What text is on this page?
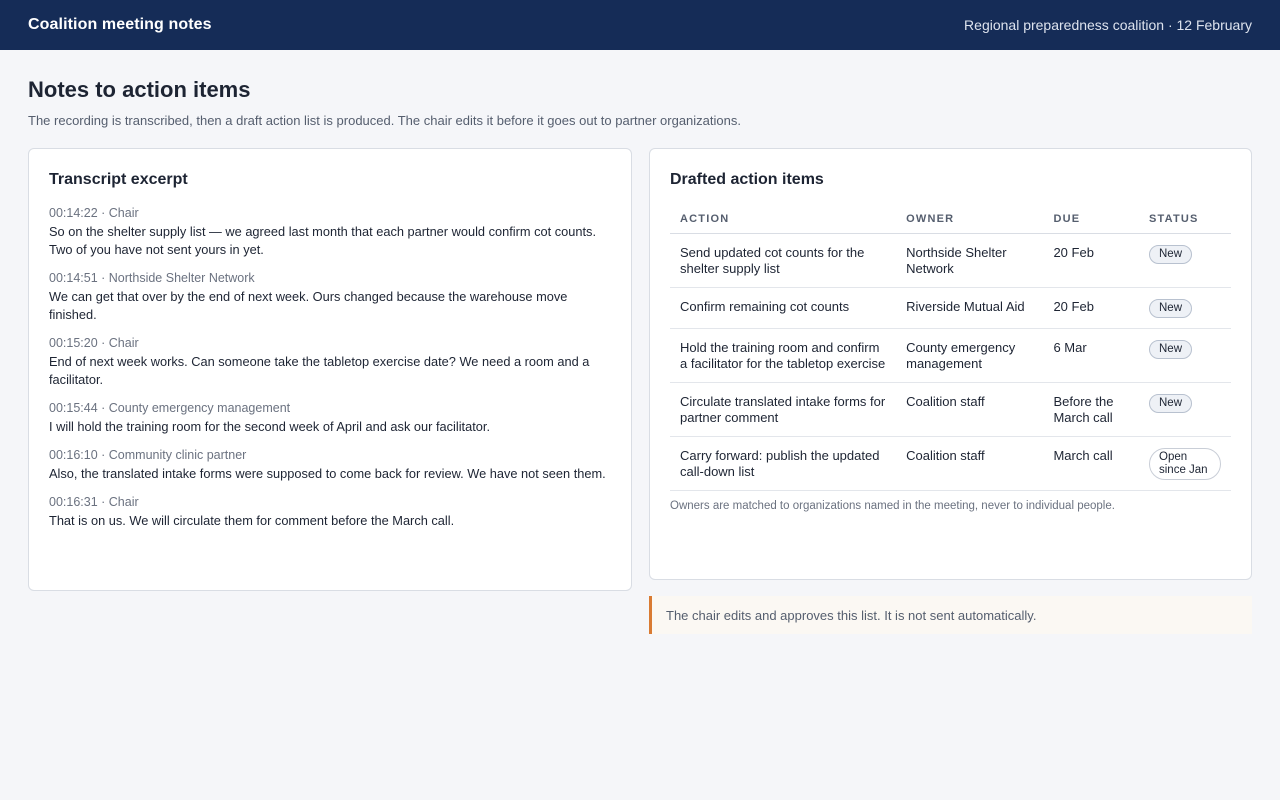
Coalition meeting notes	Regional preparedness coalition · 12 February
Notes to action items

The recording is transcribed, then a draft action list is produced. The chair edits it before it goes out to partner organizations.

Transcript excerpt
00:14:22 · Chair
So on the shelter supply list — we agreed last month that each partner would confirm cot counts. Two of you have not sent yours in yet.
00:14:51 · Northside Shelter Network
We can get that over by the end of next week. Ours changed because the warehouse move finished.
00:15:20 · Chair
End of next week works. Can someone take the tabletop exercise date? We need a room and a facilitator.
00:15:44 · County emergency management
I will hold the training room for the second week of April and ask our facilitator.
00:16:10 · Community clinic partner
Also, the translated intake forms were supposed to come back for review. We have not seen them.
00:16:31 · Chair
That is on us. We will circulate them for comment before the March call.
Drafted action items
ACTION	OWNER	DUE	STATUS
Send updated cot counts for the shelter supply list	Northside Shelter Network	20 Feb	New
Confirm remaining cot counts	Riverside Mutual Aid	20 Feb	New
Hold the training room and confirm a facilitator for the tabletop exercise	County emergency management	6 Mar	New
Circulate translated intake forms for partner comment	Coalition staff	Before the March call	New
Carry forward: publish the updated call-down list	Coalition staff	March call	Open since Jan

Owners are matched to organizations named in the meeting, never to individual people.

The chair edits and approves this list. It is not sent automatically.
